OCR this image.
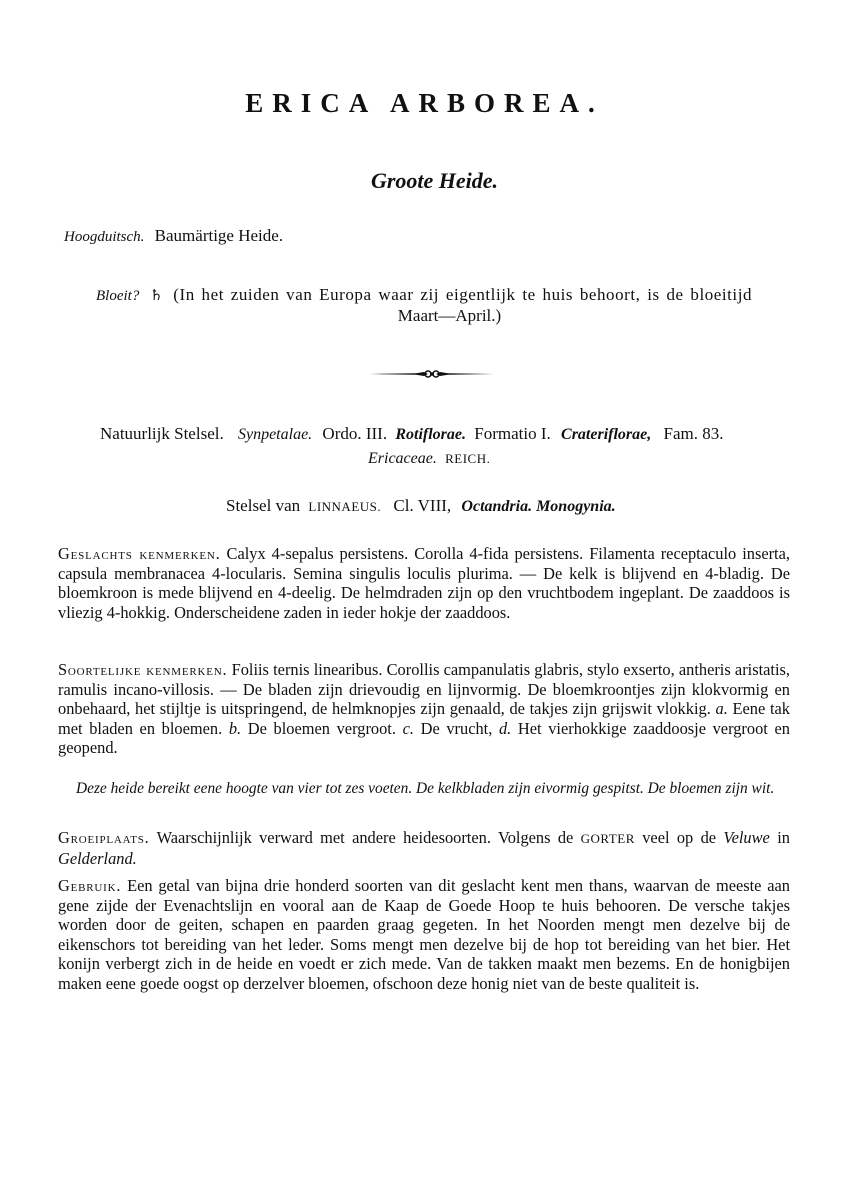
ERICA ARBOREA.
Groote Heide.
Hoogduitsch. Baumärtige Heide.
Bloeit? ♄ (In het zuiden van Europa waar zij eigentlijk te huis behoort, is de bloeitijd
Maart—April.)
Natuurlijk Stelsel. Synpetalae. Ordo. III. Rotiflorae. Formatio I. Crateriflorae, Fam. 83.
Ericaceae. REICH.
Stelsel van LINNAEUS. Cl. VIII, Octandria. Monogynia.
Geslachts kenmerken. Calyx 4-sepalus persistens. Corolla 4-fida persistens. Filamenta receptaculo inserta, capsula membranacea 4-locularis. Semina singulis loculis plurima. — De kelk is blijvend en 4-bladig. De bloemkroon is mede blijvend en 4-deelig. De helmdraden zijn op den vruchtbodem ingeplant. De zaaddoos is vliezig 4-hokkig. Onderscheidene zaden in ieder hokje der zaaddoos.
Soortelijke kenmerken. Foliis ternis linearibus. Corollis campanulatis glabris, stylo exserto, antheris aristatis, ramulis incano-villosis. — De bladen zijn drievoudig en lijnvormig. De bloemkroontjes zijn klokvormig en onbehaard, het stijltje is uitspringend, de helmknopjes zijn genaald, de takjes zijn grijswit vlokkig. a. Eene tak met bladen en bloemen. b. De bloemen vergroot. c. De vrucht, d. Het vierhokkige zaaddoosje vergroot en geopend.
Deze heide bereikt eene hoogte van vier tot zes voeten. De kelkbladen zijn eivormig gespitst. De bloemen zijn wit.
Groeiplaats. Waarschijnlijk verward met andere heidesoorten. Volgens de GORTER veel op de Veluwe in Gelderland.
Gebruik. Een getal van bijna drie honderd soorten van dit geslacht kent men thans, waarvan de meeste aan gene zijde der Evenachtslijn en vooral aan de Kaap de Goede Hoop te huis behooren. De versche takjes worden door de geiten, schapen en paarden graag gegeten. In het Noorden mengt men dezelve bij de eikenschors tot bereiding van het leder. Soms mengt men dezelve bij de hop tot bereiding van het bier. Het konijn verbergt zich in de heide en voedt er zich mede. Van de takken maakt men bezems. En de honigbijen maken eene goede oogst op derzelver bloemen, ofschoon deze honig niet van de beste qualiteit is.
